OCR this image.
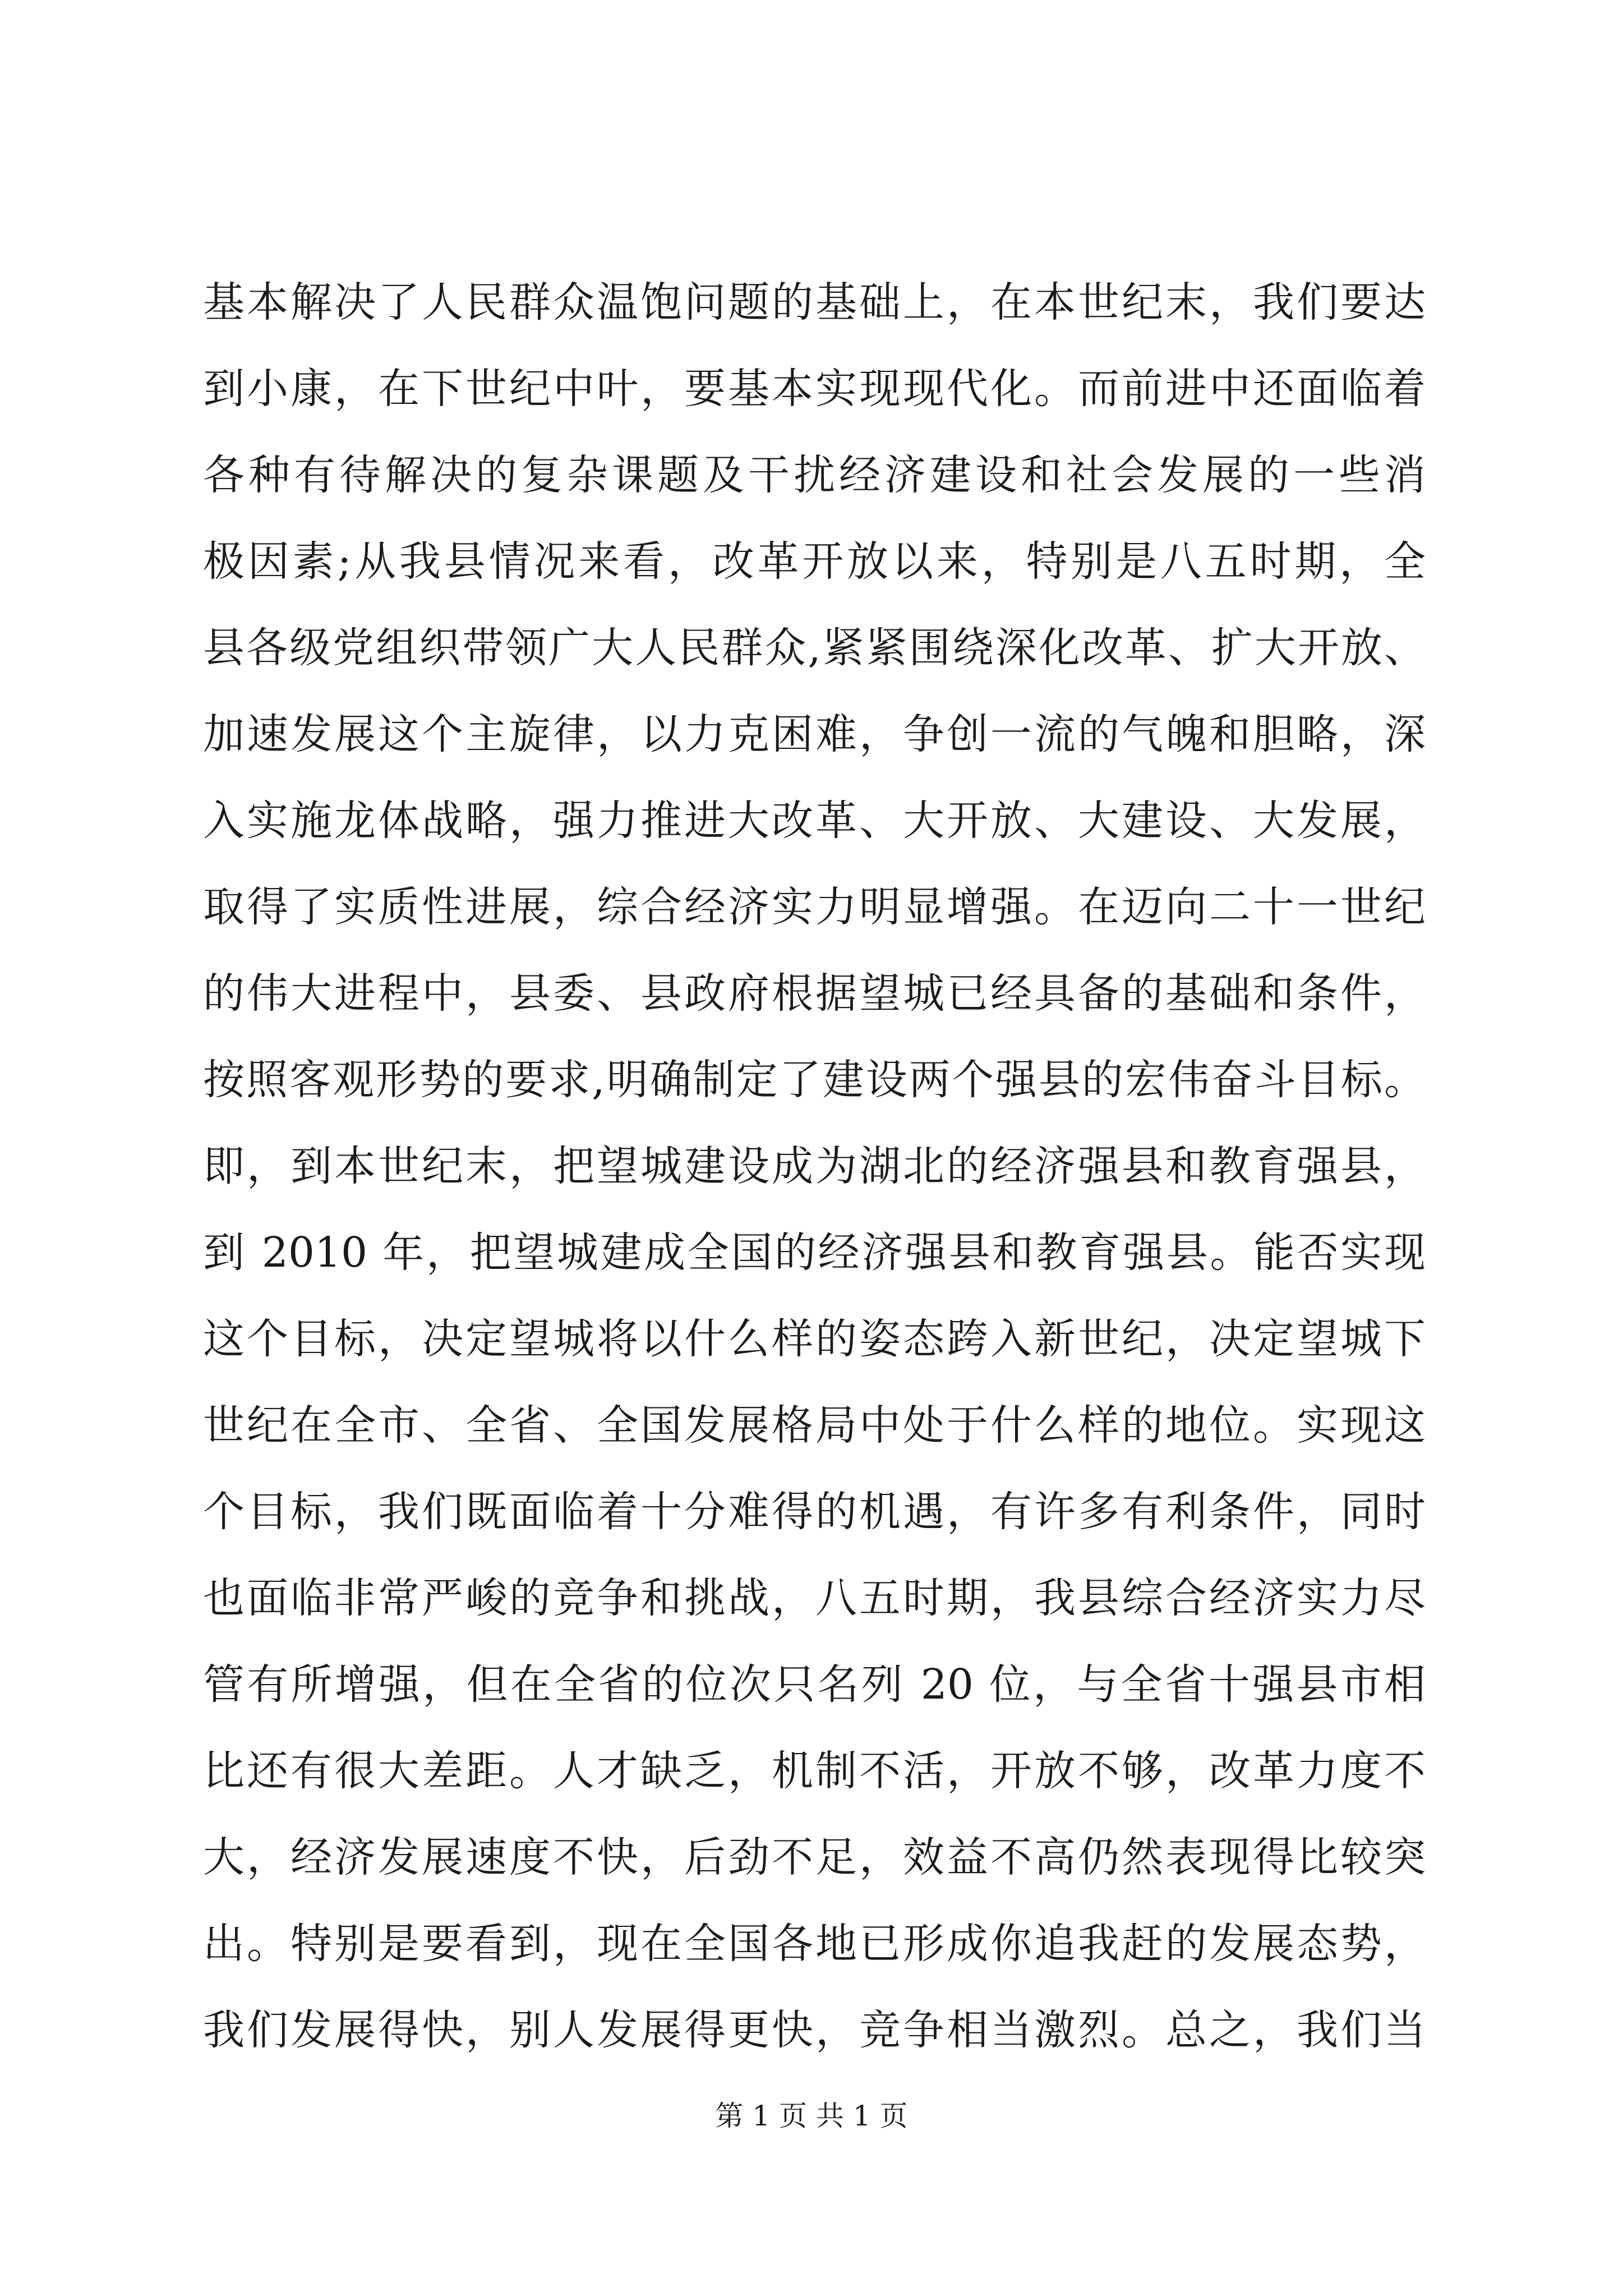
基本解决了人民群众温饱问题的基础上，在本世纪末，我们要达
到小康，在下世纪中叶，要基本实现现代化。而前进中还面临着
各种有待解决的复杂课题及干扰经济建设和社会发展的一些消
极因素;从我县情况来看，改革开放以来，特别是八五时期，全
县各级党组织带领广大人民群众,紧紧围绕深化改革、扩大开放、
加速发展这个主旋律，以力克困难，争创一流的气魄和胆略，深
入实施龙体战略，强力推进大改革、大开放、大建设、大发展，
取得了实质性进展，综合经济实力明显增强。在迈向二十一世纪
的伟大进程中，县委、县政府根据望城已经具备的基础和条件，
按照客观形势的要求,明确制定了建设两个强县的宏伟奋斗目标。
即，到本世纪末，把望城建设成为湖北的经济强县和教育强县，
到 2010 年，把望城建成全国的经济强县和教育强县。能否实现
这个目标，决定望城将以什么样的姿态跨入新世纪，决定望城下
世纪在全市、全省、全国发展格局中处于什么样的地位。实现这
个目标，我们既面临着十分难得的机遇，有许多有利条件，同时
也面临非常严峻的竞争和挑战，八五时期，我县综合经济实力尽
管有所增强，但在全省的位次只名列 20 位，与全省十强县市相
比还有很大差距。人才缺乏，机制不活，开放不够，改革力度不
大，经济发展速度不快，后劲不足，效益不高仍然表现得比较突
出。特别是要看到，现在全国各地已形成你追我赶的发展态势，
我们发展得快，别人发展得更快，竞争相当激烈。总之，我们当
第 1 页 共 1 页
